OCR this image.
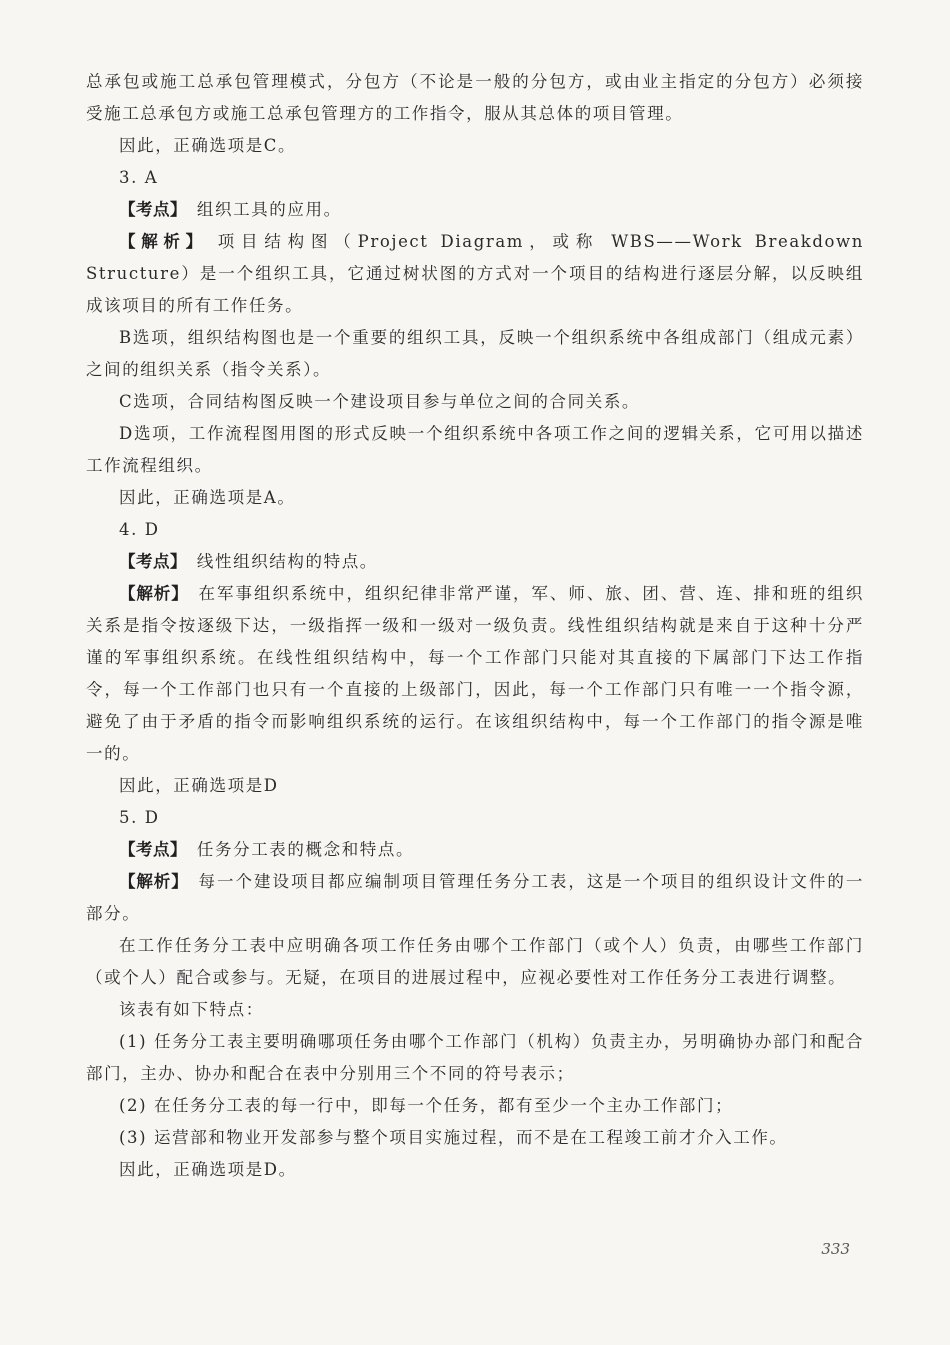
总承包或施工总承包管理模式，分包方（不论是一般的分包方，或由业主指定的分包方）必须接受施工总承包方或施工总承包管理方的工作指令，服从其总体的项目管理。

因此，正确选项是C。

3. A

【考点】 组织工具的应用。

【解析】 项目结构图（Project Diagram，或称 WBS——Work Breakdown Structure）是一个组织工具，它通过树状图的方式对一个项目的结构进行逐层分解，以反映组成该项目的所有工作任务。

B选项，组织结构图也是一个重要的组织工具，反映一个组织系统中各组成部门（组成元素）之间的组织关系（指令关系）。

C选项，合同结构图反映一个建设项目参与单位之间的合同关系。

D选项，工作流程图用图的形式反映一个组织系统中各项工作之间的逻辑关系，它可用以描述工作流程组织。

因此，正确选项是A。

4. D

【考点】 线性组织结构的特点。

【解析】 在军事组织系统中，组织纪律非常严谨，军、师、旅、团、营、连、排和班的组织关系是指令按逐级下达，一级指挥一级和一级对一级负责。线性组织结构就是来自于这种十分严谨的军事组织系统。在线性组织结构中，每一个工作部门只能对其直接的下属部门下达工作指令，每一个工作部门也只有一个直接的上级部门，因此，每一个工作部门只有唯一一个指令源，避免了由于矛盾的指令而影响组织系统的运行。在该组织结构中，每一个工作部门的指令源是唯一的。

因此，正确选项是D

5. D

【考点】 任务分工表的概念和特点。

【解析】 每一个建设项目都应编制项目管理任务分工表，这是一个项目的组织设计文件的一部分。

在工作任务分工表中应明确各项工作任务由哪个工作部门（或个人）负责，由哪些工作部门（或个人）配合或参与。无疑，在项目的进展过程中，应视必要性对工作任务分工表进行调整。

该表有如下特点：

(1) 任务分工表主要明确哪项任务由哪个工作部门（机构）负责主办，另明确协办部门和配合部门，主办、协办和配合在表中分别用三个不同的符号表示；

(2) 在任务分工表的每一行中，即每一个任务，都有至少一个主办工作部门；

(3) 运营部和物业开发部参与整个项目实施过程，而不是在工程竣工前才介入工作。

因此，正确选项是D。

333
